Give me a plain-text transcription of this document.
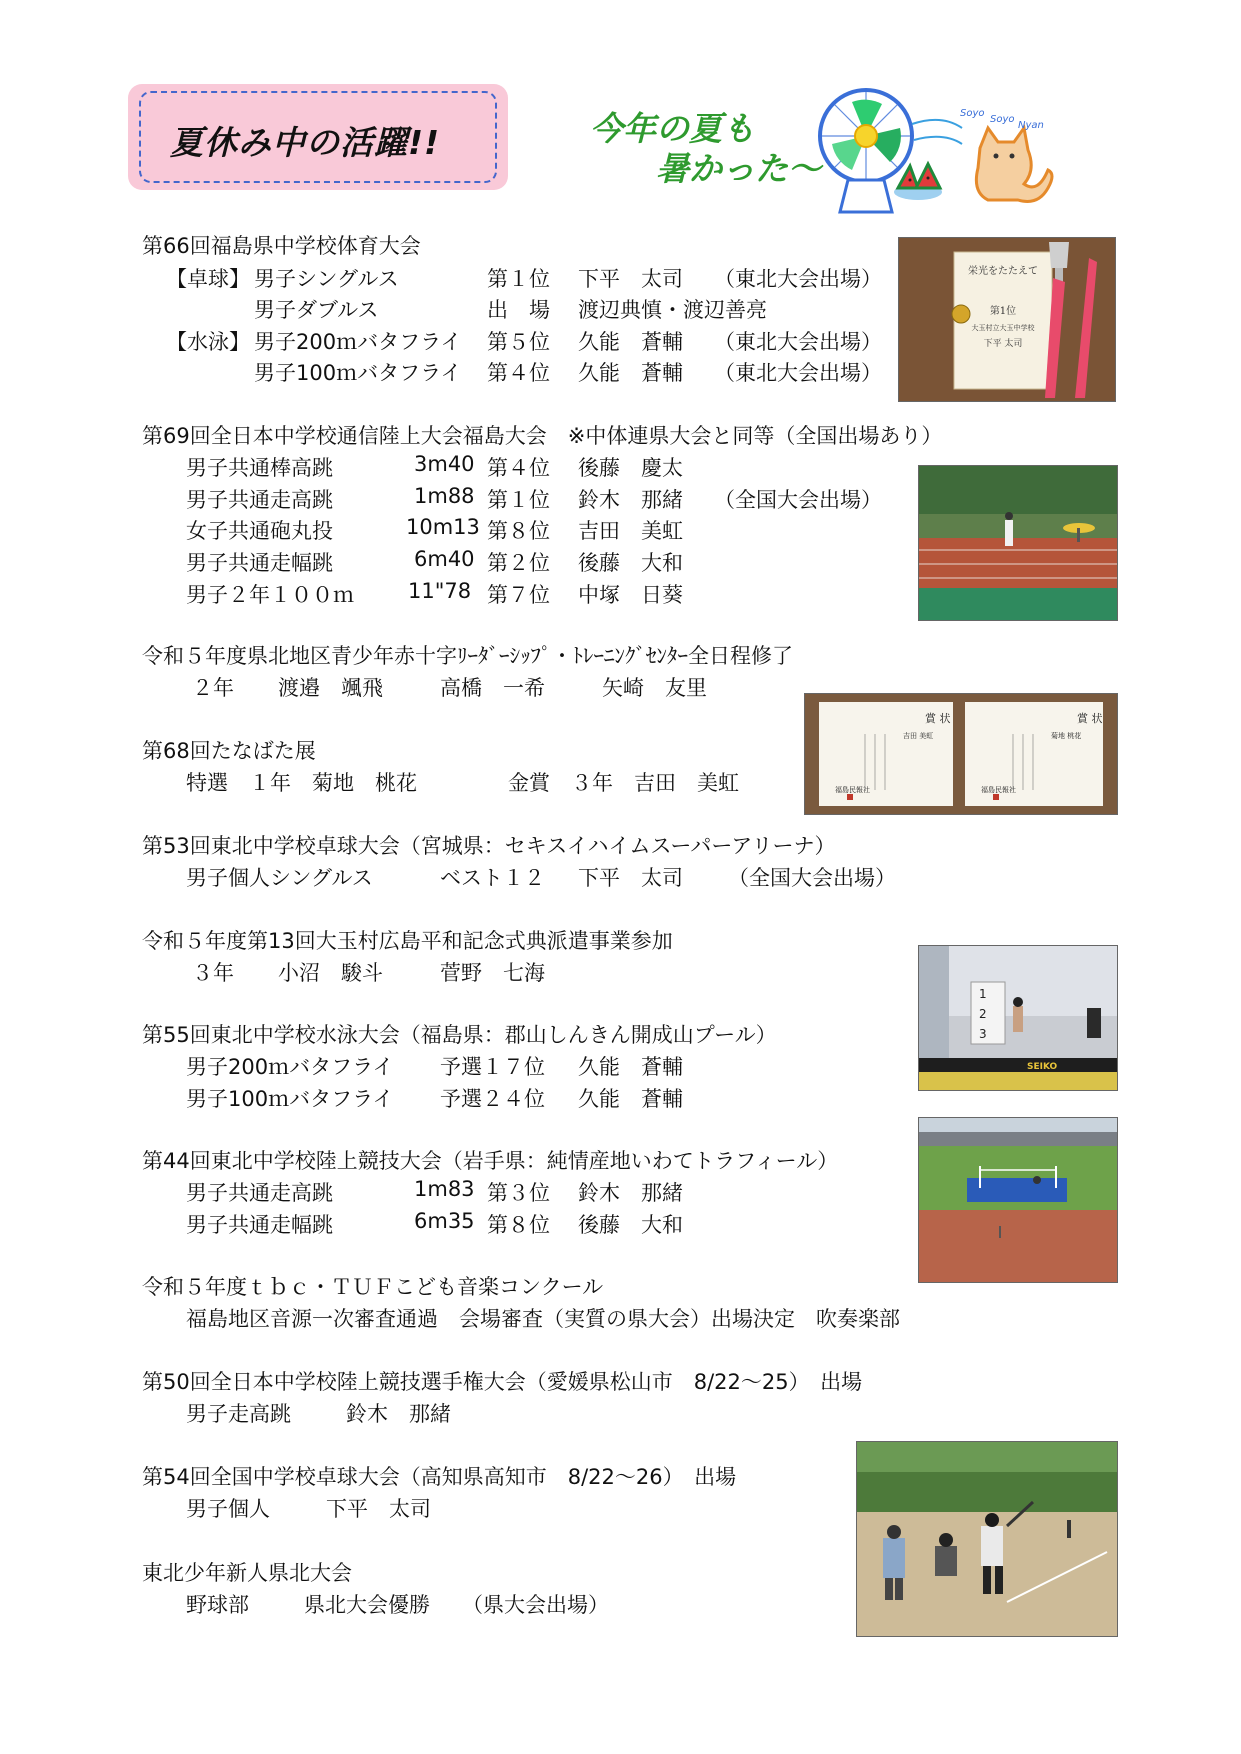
夏休み中の活躍!!	今年の夏も
暑かった～
Soyo
Soyo
Nyan
第66回福島県中学校体育大会
【卓球】 男子シングルス	第１位 下平　太司 （東北大会出場）
男子ダブルス	出　場 渡辺典慎・渡辺善亮
【水泳】 男子200ｍバタフライ 第５位 久能　蒼輔 （東北大会出場）
男子100ｍバタフライ 第４位 久能　蒼輔 （東北大会出場）
栄光をたたえて
第1位
大玉村立大玉中学校
下平 太司
第69回全日本中学校通信陸上大会福島大会　※中体連県大会と同等（全国出場あり）
男子共通棒高跳	3m40 第４位 後藤　慶太
男子共通走高跳	1m88 第１位 鈴木　那緒 （全国大会出場）
女子共通砲丸投	10m13 第８位 吉田　美虹
男子共通走幅跳	6m40 第２位 後藤　大和
男子２年１００ｍ	11"78 第７位 中塚　日葵
令和５年度県北地区青少年赤十字ﾘｰﾀﾞｰｼｯﾌﾟ・ﾄﾚｰﾆﾝｸﾞｾﾝﾀｰ全日程修了
２年 渡邉　颯飛	高橋　一希	矢崎　友里
第68回たなばた展
特選　１年　菊地　桃花	金賞　３年　吉田　美虹
賞 状
吉田 美虹
福島民報社
賞 状
菊地 桃花
福島民報社
第53回東北中学校卓球大会（宮城県：セキスイハイムスーパーアリーナ）
男子個人シングルス	ベスト１２ 下平　太司 （全国大会出場）
令和５年度第13回大玉村広島平和記念式典派遣事業参加
３年 小沼　駿斗	菅野　七海
1
2
3
SEIKO
第55回東北中学校水泳大会（福島県：郡山しんきん開成山プール）
男子200ｍバタフライ 予選１７位 久能　蒼輔
男子100ｍバタフライ 予選２４位 久能　蒼輔
第44回東北中学校陸上競技大会（岩手県：純情産地いわてトラフィール）
男子共通走高跳	1m83 第３位 鈴木　那緒
男子共通走幅跳	6m35 第８位 後藤　大和
令和５年度ｔｂｃ・ＴＵＦこども音楽コンクール
福島地区音源一次審査通過　会場審査（実質の県大会）出場決定　吹奏楽部
第50回全日本中学校陸上競技選手権大会（愛媛県松山市　8/22～25）　出場
男子走高跳	鈴木　那緒
第54回全国中学校卓球大会（高知県高知市　8/22～26）　出場
男子個人	下平　太司
東北少年新人県北大会
野球部	県北大会優勝 （県大会出場）
